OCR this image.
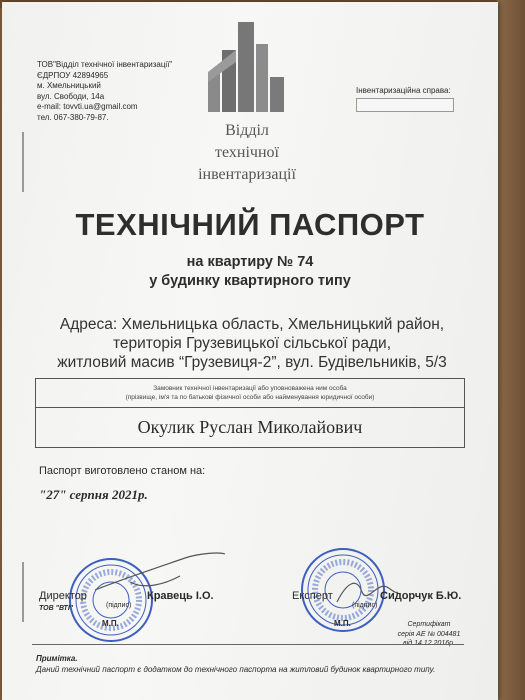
ТОВ"Відділ технічної інвентаризації"
ЄДРПОУ 42894965
м. Хмельницький
вул. Свободи, 14а
e-mail: tovvti.ua@gmail.com
тел. 067-380-79-87.
Відділ
технічної
інвентаризації
Інвентаризаційна справа:
ТЕХНІЧНИЙ ПАСПОРТ
на квартиру № 74
у будинку квартирного типу
Адреса: Хмельницька область, Хмельницький район,
територія Грузевицької сільської ради,
житловий масив “Грузевиця-2”, вул. Будівельників, 5/3
Замовник технічної інвентаризації або уповноважена ним особа
(прізвище, ім'я та по батькові фізичної особи або найменування юридичної особи)
Окулик Руслан Миколайович
Паспорт виготовлено станом на:
"27" серпня 2021р.
Директор	Кравець І.О.
ТОВ "ВТІ"	(підпис)
М.П.
Експерт	Сидорчук Б.Ю.
(підпис)
М.П.	Сертифікат
серія АЕ № 004481
від 14.12.2016р.
Примітка.
Даний технічний паспорт є додатком до технічного паспорта на житловий будинок квартирного типу.
